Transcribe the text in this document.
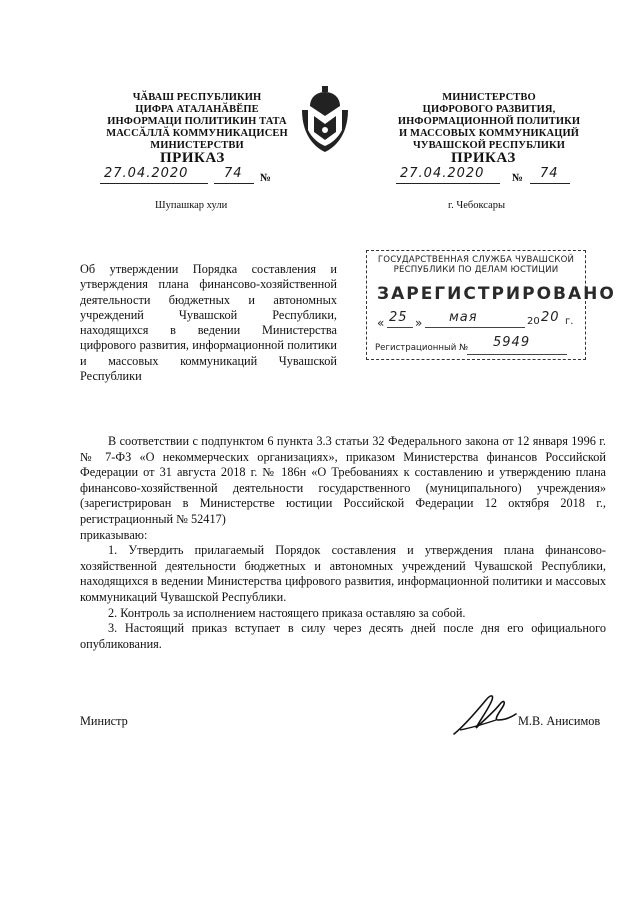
ЧӐВАШ РЕСПУБЛИКИН
ЦИФРА АТАЛАНӐВӖПЕ
ИНФОРМАЦИ ПОЛИТИКИН ТАТА
МАССӐЛЛӐ КОММУНИКАЦИСЕН
МИНИСТЕРСТВИ
ПРИКАЗ
27.04.2020	74 №
Шупашкар хули
МИНИСТЕРСТВО
ЦИФРОВОГО РАЗВИТИЯ,
ИНФОРМАЦИОННОЙ ПОЛИТИКИ
И МАССОВЫХ КОММУНИКАЦИЙ
ЧУВАШСКОЙ РЕСПУБЛИКИ
ПРИКАЗ
27.04.2020	№ 74
г. Чебоксары
Об утверждении Порядка составления и утверждения плана финансово-хозяйственной деятельности бюджетных и автономных учреждений Чувашской Республики, находящихся в ведении Министерства цифрового развития, информационной политики и массовых коммуникаций Чувашской Республики
ГОСУДАРСТВЕННАЯ СЛУЖБА ЧУВАШСКОЙ РЕСПУБЛИКИ ПО ДЕЛАМ ЮСТИЦИИ
ЗАРЕГИСТРИРОВАНО
« 25 » мая	20 20 г.
Регистрационный № 5949

В соответствии с подпунктом 6 пункта 3.3 статьи 32 Федерального закона от 12 января 1996 г. № 7-ФЗ «О некоммерческих организациях», приказом Министерства финансов Российской Федерации от 31 августа 2018 г. № 186н «О Требованиях к составлению и утверждению плана финансово-хозяйственной деятельности государственного (муниципального) учреждения» (зарегистрирован в Министерстве юстиции Российской Федерации 12 октября 2018 г., регистрационный № 52417)

приказываю:

1. Утвердить прилагаемый Порядок составления и утверждения плана финансово-хозяйственной деятельности бюджетных и автономных учреждений Чувашской Республики, находящихся в ведении Министерства цифрового развития, информационной политики и массовых коммуникаций Чувашской Республики.

2. Контроль за исполнением настоящего приказа оставляю за собой.

3. Настоящий приказ вступает в силу через десять дней после дня его официального опубликования.

Министр	М.В. Анисимов
